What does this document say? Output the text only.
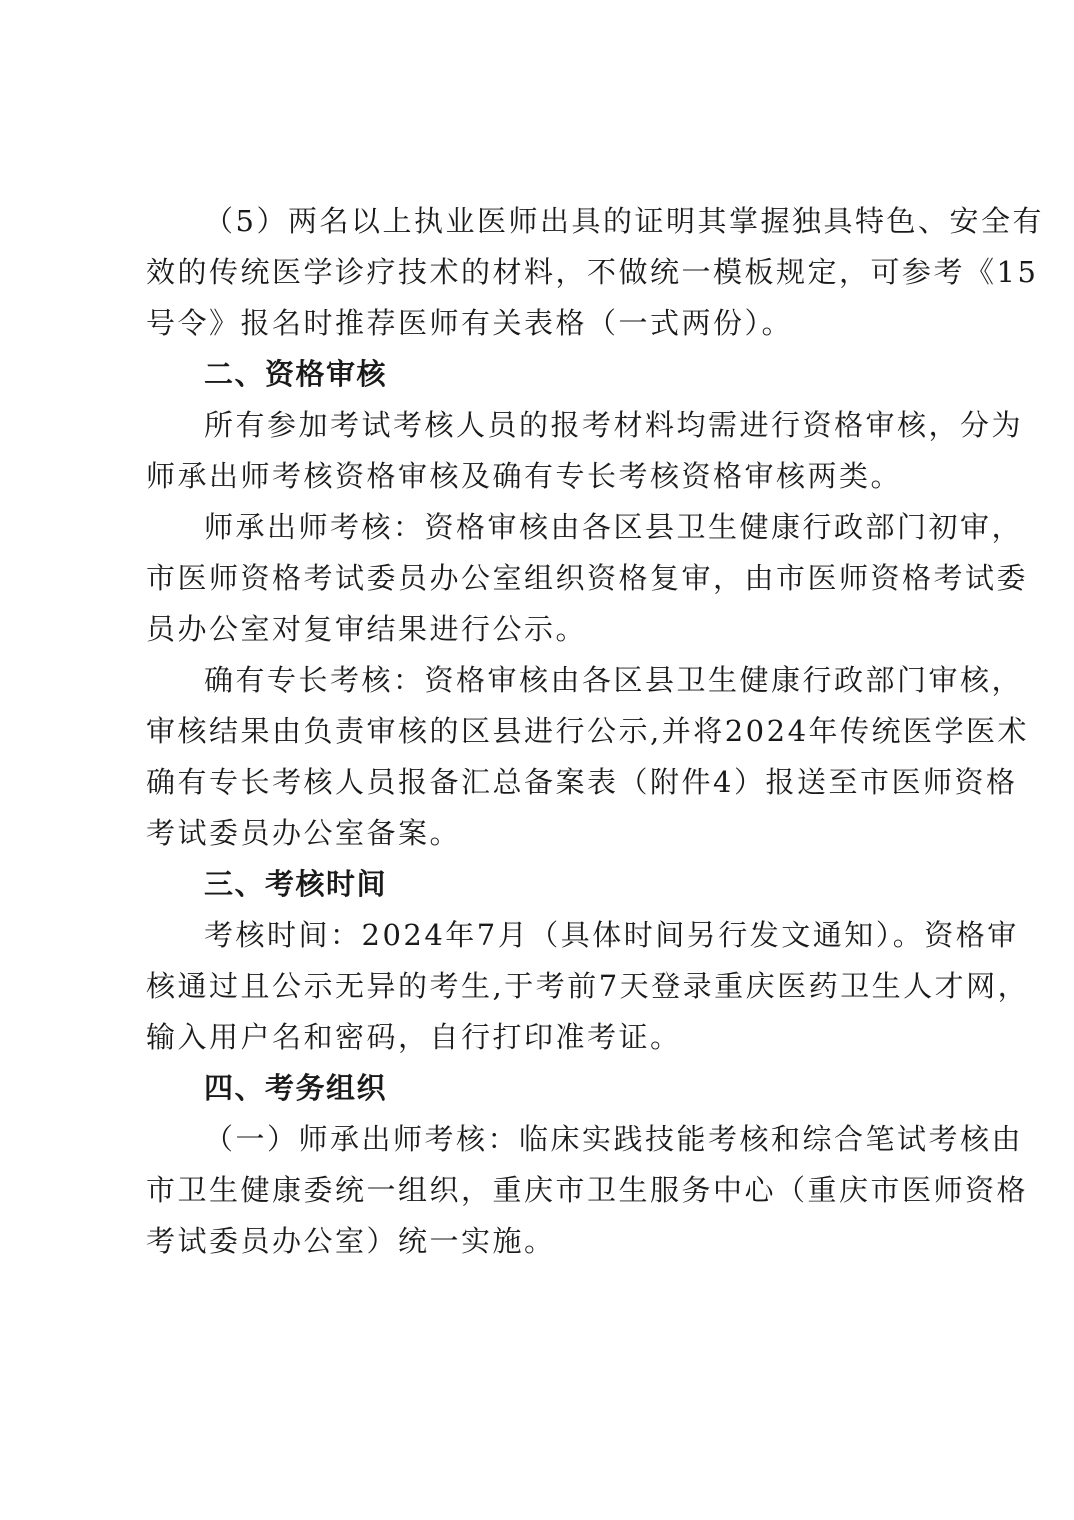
（5）两名以上执业医师出具的证明其掌握独具特色、安全有
效的传统医学诊疗技术的材料，不做统一模板规定，可参考《15
号令》报名时推荐医师有关表格（一式两份）。
二、资格审核
所有参加考试考核人员的报考材料均需进行资格审核，分为
师承出师考核资格审核及确有专长考核资格审核两类。
师承出师考核：资格审核由各区县卫生健康行政部门初审，
市医师资格考试委员办公室组织资格复审，由市医师资格考试委
员办公室对复审结果进行公示。
确有专长考核：资格审核由各区县卫生健康行政部门审核，
审核结果由负责审核的区县进行公示,并将2024年传统医学医术
确有专长考核人员报备汇总备案表（附件4）报送至市医师资格
考试委员办公室备案。
三、考核时间
考核时间：2024年7月（具体时间另行发文通知）。资格审
核通过且公示无异的考生,于考前7天登录重庆医药卫生人才网，
输入用户名和密码，自行打印准考证。
四、考务组织
（一）师承出师考核：临床实践技能考核和综合笔试考核由
市卫生健康委统一组织，重庆市卫生服务中心（重庆市医师资格
考试委员办公室）统一实施。
